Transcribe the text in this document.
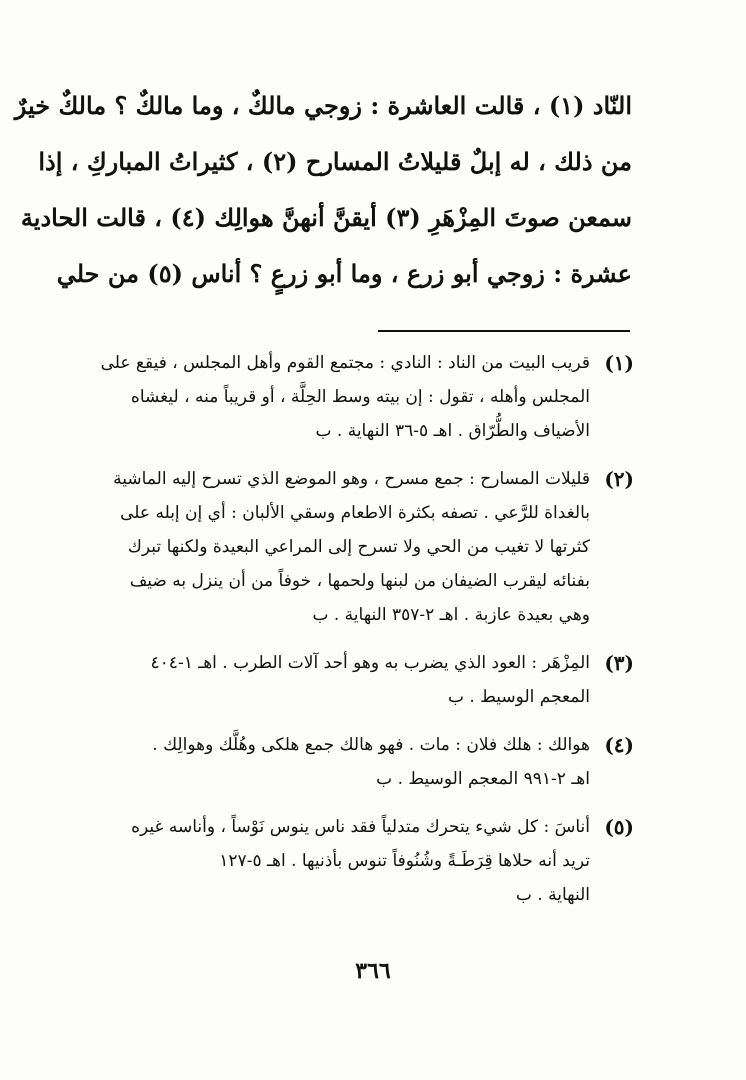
النّاد (١) ، قالت العاشرة : زوجي مالكٌ ، وما مالكٌ ؟ مالكٌ خيرٌ
من ذلك ، له إبلٌ قليلاتُ المسارح (٢) ، كثيراتُ المباركِ ، إذا
سمعن صوتَ المِزْهَرِ (٣) أيقنَّ أنهنَّ هوالِك (٤) ، قالت الحادية
عشرة : زوجي أبو زرع ، وما أبو زرعٍ ؟ أناس (٥) من حلي
(١)
قريب البيت من الناد : النادي : مجتمع القوم وأهل المجلس ، فيقع على
المجلس وأهله ، تقول : إن بيته وسط الحِلَّة ، أو قريباً منه ، ليغشاه
الأضياف والطُّرّاق . اهـ ٥-٣٦ النهاية . ب
(٢)
قليلات المسارح : جمع مسرح ، وهو الموضع الذي تسرح إليه الماشية
بالغداة للرَّعي . تصفه بكثرة الاطعام وسقي الألبان : أي إن إبله على
كثرتها لا تغيب من الحي ولا تسرح إلى المراعي البعيدة ولكنها تبرك
بفنائه ليقرب الضيفان من لبنها ولحمها ، خوفاً من أن ينزل به ضيف
وهي بعيدة عازبة . اهـ ٢-٣٥٧ النهاية . ب
(٣)
المِزْهَر : العود الذي يضرب به وهو أحد آلات الطرب . اهـ ١-٤٠٤
المعجم الوسيط . ب
(٤)
هوالك : هلك فلان : مات . فهو هالك جمع هلكى وهُلَّك وهوالِك .
اهـ ٢-٩٩١ المعجم الوسيط . ب
(٥)
أناسَ : كل شيء يتحرك متدلياً فقد ناس ينوس نَوْساً ، وأناسه غيره
تريد أنه حلاها قِرَطَـةً وشُنُوفاً تنوس بأذنيها . اهـ ٥-١٢٧
النهاية . ب
٣٦٦
